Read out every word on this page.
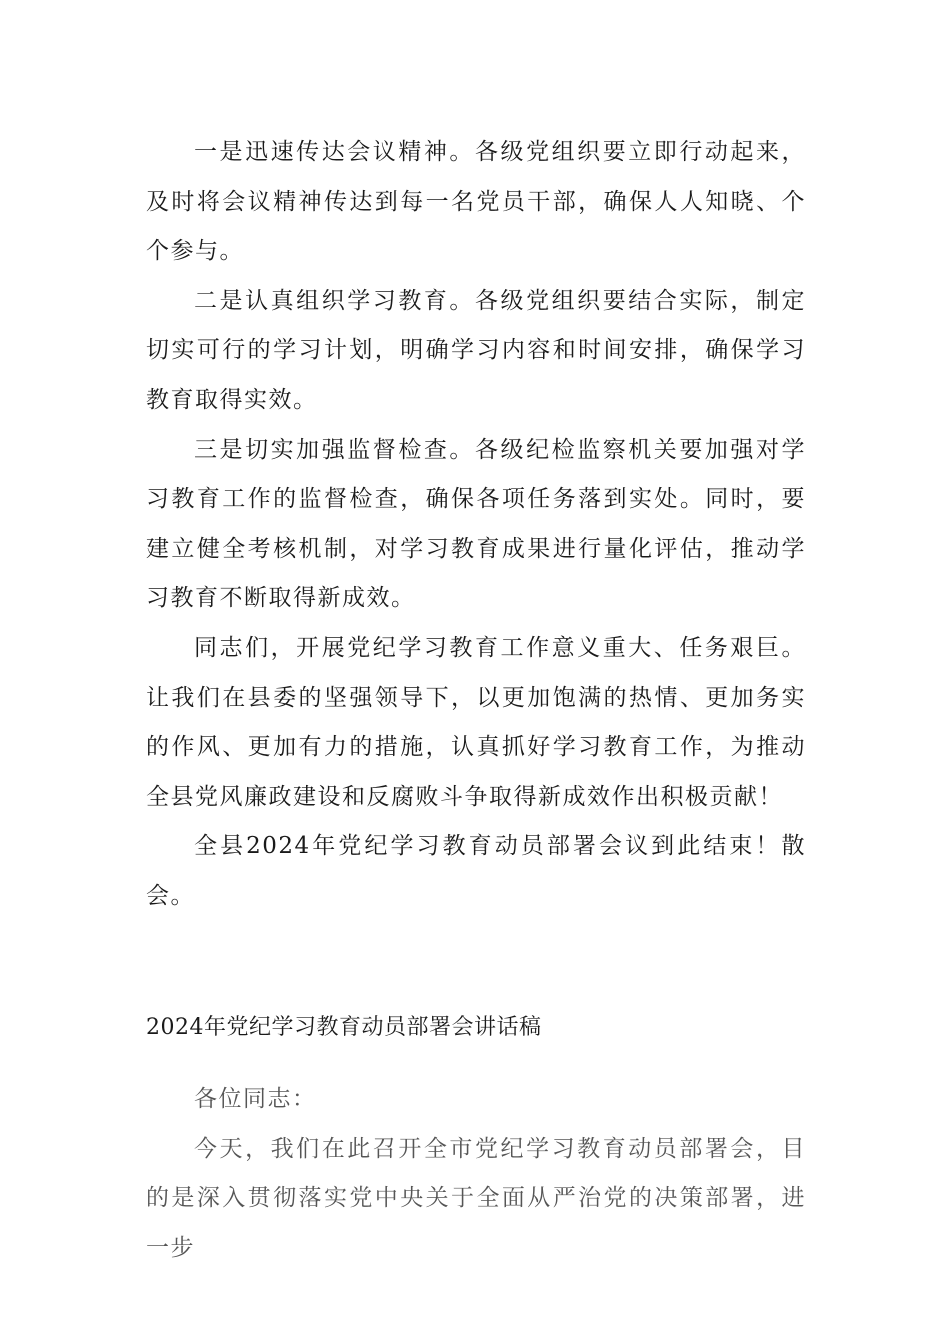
一是迅速传达会议精神。各级党组织要立即行动起来，及时将会议精神传达到每一名党员干部，确保人人知晓、个个参与。

二是认真组织学习教育。各级党组织要结合实际，制定切实可行的学习计划，明确学习内容和时间安排，确保学习教育取得实效。

三是切实加强监督检查。各级纪检监察机关要加强对学习教育工作的监督检查，确保各项任务落到实处。同时，要建立健全考核机制，对学习教育成果进行量化评估，推动学习教育不断取得新成效。

同志们，开展党纪学习教育工作意义重大、任务艰巨。让我们在县委的坚强领导下，以更加饱满的热情、更加务实的作风、更加有力的措施，认真抓好学习教育工作，为推动全县党风廉政建设和反腐败斗争取得新成效作出积极贡献！

全县2024年党纪学习教育动员部署会议到此结束！散会。

2024年党纪学习教育动员部署会讲话稿

各位同志：

今天，我们在此召开全市党纪学习教育动员部署会，目的是深入贯彻落实党中央关于全面从严治党的决策部署，进一步
